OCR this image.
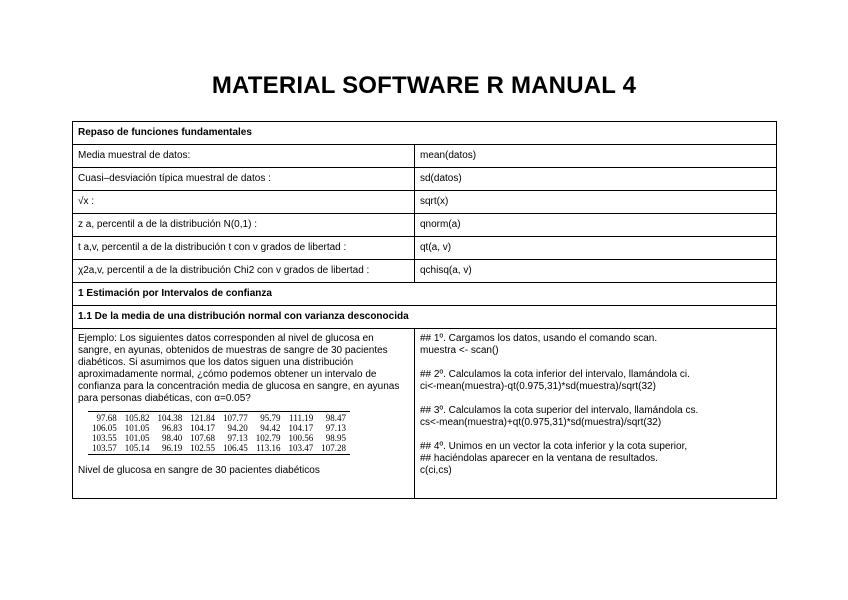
MATERIAL SOFTWARE R MANUAL 4
Repaso de funciones fundamentales
Media muestral de datos:	mean(datos)
Cuasi–desviación típica muestral de datos :	sd(datos)
√x :	sqrt(x)
z a, percentil a de la distribución N(0,1) :	qnorm(a)
t a,v, percentil a de la distribución t con v grados de libertad :	qt(a, v)
χ2a,v, percentil a de la distribución Chi2 con v grados de libertad :	qchisq(a, v)
1 Estimación por Intervalos de confianza
1.1 De la media de una distribución normal con varianza desconocida

Ejemplo: Los siguientes datos corresponden al nivel de glucosa en sangre, en ayunas, obtenidos de muestras de sangre de 30 pacientes diabéticos. Si asumimos que los datos siguen una distribución aproximadamente normal, ¿cómo podemos obtener un intervalo de confianza para la concentración media de glucosa en sangre, en ayunas para personas diabéticas, con α=0.05?
97.68	105.82	104.38	121.84	107.77	95.79	111.19	98.47
106.05	101.05	96.83	104.17	94.20	94.42	104.17	97.13
103.55	101.05	98.40	107.68	97.13	102.79	100.56	98.95
103.57	105.14	96.19	102.55	106.45	113.16	103.47	107.28
Nivel de glucosa en sangre de 30 pacientes diabéticos

## 1º. Cargamos los datos, usando el comando scan.

muestra <- scan()

## 2º. Calculamos la cota inferior del intervalo, llamándola ci.

ci<-mean(muestra)-qt(0.975,31)*sd(muestra)/sqrt(32)

## 3º. Calculamos la cota superior del intervalo, llamándola cs.

cs<-mean(muestra)+qt(0.975,31)*sd(muestra)/sqrt(32)

## 4º. Unimos en un vector la cota inferior y la cota superior,

## haciéndolas aparecer en la ventana de resultados.

c(ci,cs)
